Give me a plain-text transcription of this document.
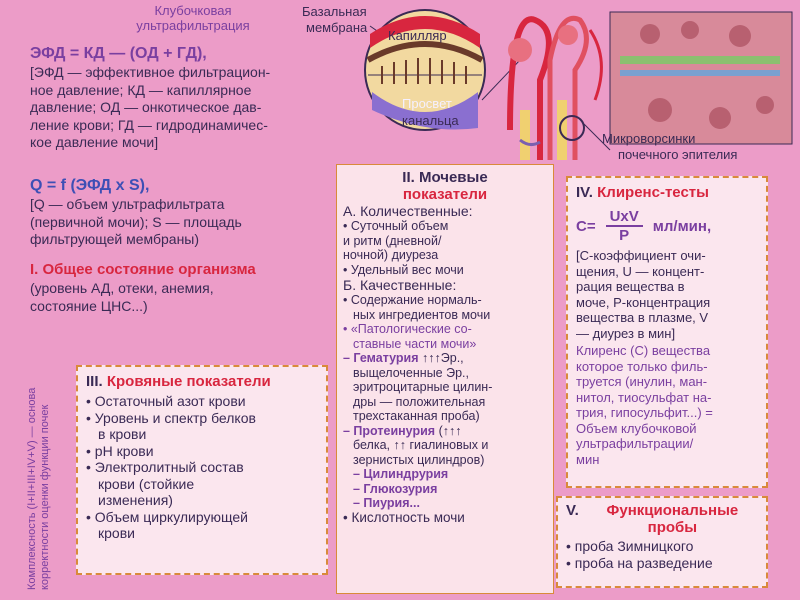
Клубочковая
ультрафильтрация
Базальная
мембрана
Капилляр
Просвет
канальца
Микроворсинки
почечного эпителия
ЭФД = КД — (ОД + ГД),
[ЭФД — эффективное фильтрацион-
ное давление; КД — капиллярное
давление; ОД — онкотическое дав-
ление крови; ГД — гидродинамичес-
кое давление мочи]
Q = f (ЭФД x S),
[Q — объем ультрафильтрата
(первичной мочи); S — площадь
фильтрующей мембраны)
I. Общее состояние организма
(уровень АД, отеки, анемия,
состояние ЦНС...)
Комплексность (I+II+III+IV+V) — основа корректности оценки функции почек
III. Кровяные показатели
• Остаточный азот крови
• Уровень и спектр белков
в крови
• рН крови
• Электролитный состав
крови (стойкие
изменения)
• Объем циркулирующей
крови
II. Мочевые
показатели
А. Количественные:
• Суточный объем
и ритм (дневной/
ночной) диуреза
• Удельный вес мочи
Б. Качественные:
• Содержание нормаль-
ных ингредиентов мочи
• «Патологические со-
ставные части мочи»
– Гематурия ↑↑↑Эр.,
выщелоченные Эр.,
эритроцитарные цилин-
дры — положительная
трехстаканная проба)
– Протеинурия (↑↑↑
белка, ↑↑ гиалиновых и
зернистых цилиндров)
– Цилиндрурия
– Глюкозурия
– Пиурия...
• Кислотность мочи
IV. Клиренс-тесты
С=
UxV
P
мл/мин,
[С-коэффициент очи-
щения, U — концент-
рация вещества в
моче, Р-концентрация
вещества в плазме, V
— диурез в мин]
Клиренс (С) вещества
которое только филь-
труется (инулин, ман-
нитол, тиосульфат на-
трия, гипосульфит...) =
Объем клубочковой
ультрафильтрации/
мин
V.	Функциональные
пробы
• проба Зимницкого
• проба на разведение
